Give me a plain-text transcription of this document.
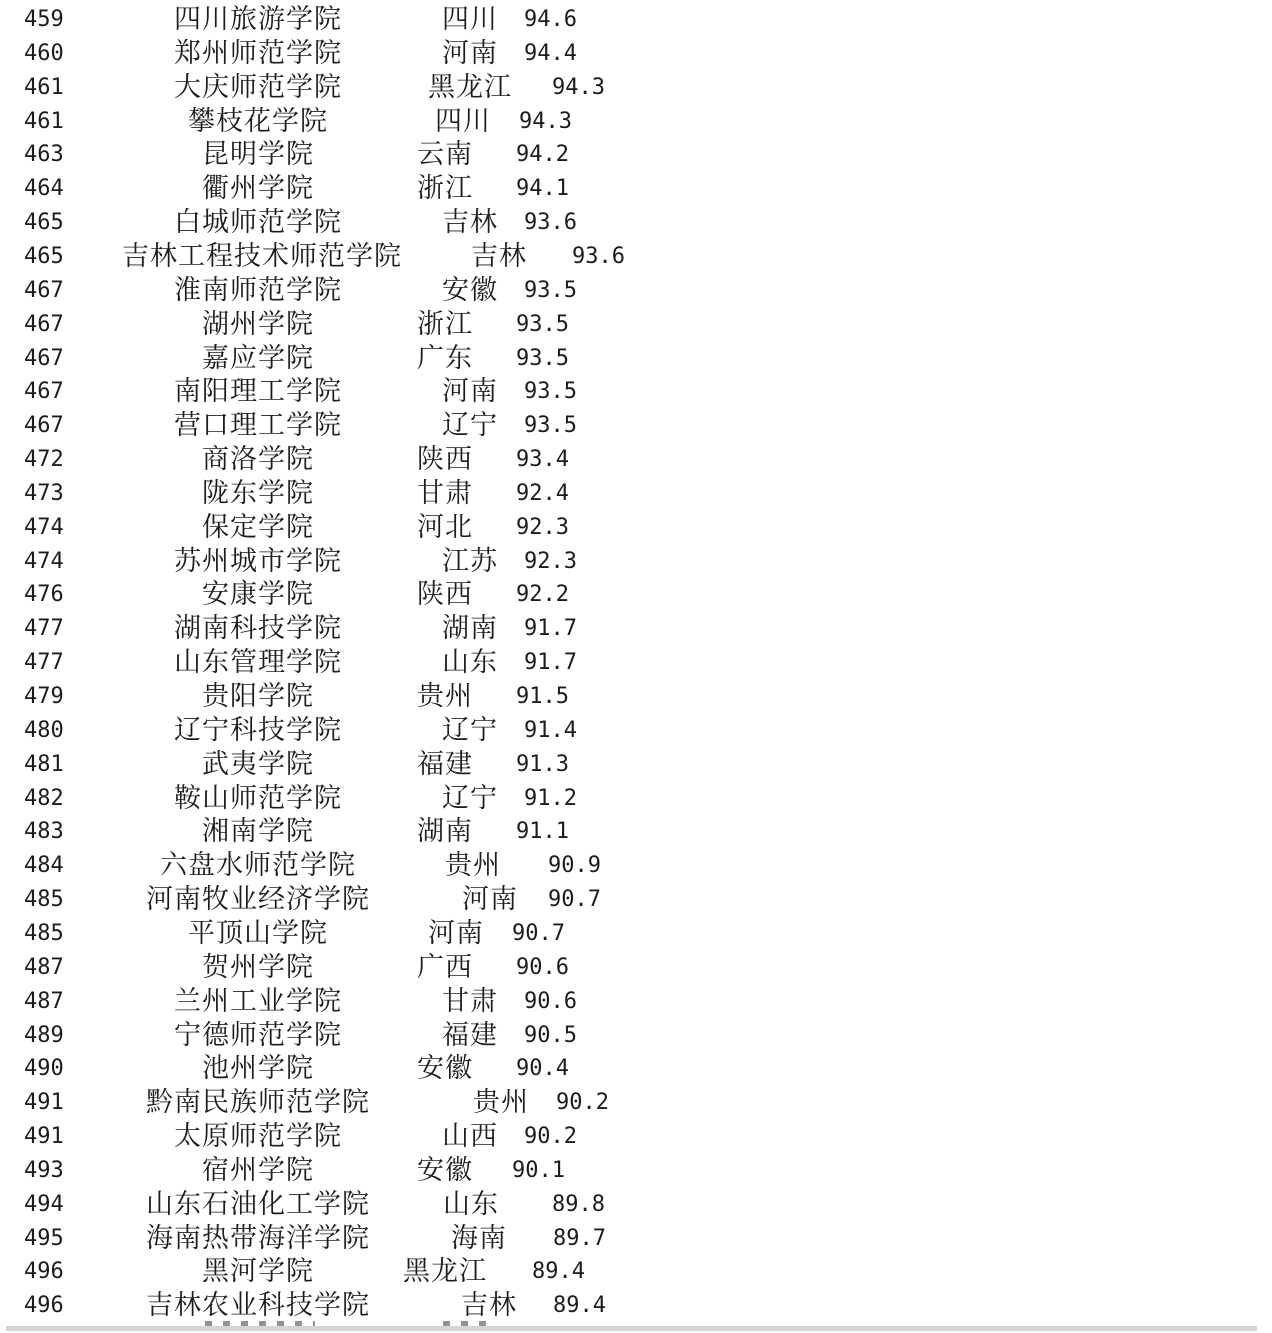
459	四川旅游学院	四川 94.6
460	郑州师范学院	河南 94.4
461	大庆师范学院	黑龙江 94.3
461	攀枝花学院	四川 94.3
463	昆明学院	云南 94.2
464	衢州学院	浙江 94.1
465	白城师范学院	吉林 93.6
465	吉林工程技术师范学院	吉林 93.6
467	淮南师范学院	安徽 93.5
467	湖州学院	浙江 93.5
467	嘉应学院	广东 93.5
467	南阳理工学院	河南 93.5
467	营口理工学院	辽宁 93.5
472	商洛学院	陕西 93.4
473	陇东学院	甘肃 92.4
474	保定学院	河北 92.3
474	苏州城市学院	江苏 92.3
476	安康学院	陕西 92.2
477	湖南科技学院	湖南 91.7
477	山东管理学院	山东 91.7
479	贵阳学院	贵州 91.5
480	辽宁科技学院	辽宁 91.4
481	武夷学院	福建 91.3
482	鞍山师范学院	辽宁 91.2
483	湘南学院	湖南 91.1
484	六盘水师范学院	贵州 90.9
485	河南牧业经济学院	河南 90.7
485	平顶山学院	河南 90.7
487	贺州学院	广西 90.6
487	兰州工业学院	甘肃 90.6
489	宁德师范学院	福建 90.5
490	池州学院	安徽 90.4
491	黔南民族师范学院	贵州 90.2
491	太原师范学院	山西 90.2
493	宿州学院	安徽 90.1
494	山东石油化工学院	山东 89.8
495	海南热带海洋学院	海南 89.7
496	黑河学院	黑龙江 89.4
496	吉林农业科技学院	吉林 89.4
